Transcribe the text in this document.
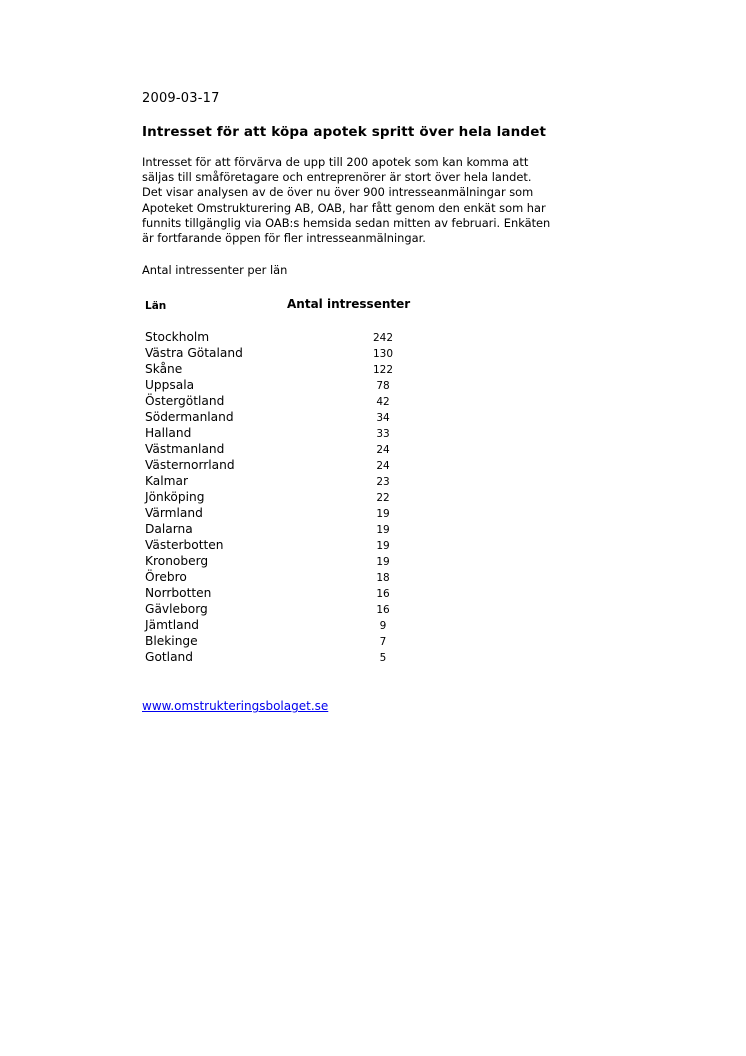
2009-03-17
Intresset för att köpa apotek spritt över hela landet
Intresset för att förvärva de upp till 200 apotek som kan komma att
säljas till småföretagare och entreprenörer är stort över hela landet.
Det visar analysen av de över nu över 900 intresseanmälningar som
Apoteket Omstrukturering AB, OAB, har fått genom den enkät som har
funnits tillgänglig via OAB:s hemsida sedan mitten av februari. Enkäten
är fortfarande öppen för fler intresseanmälningar.
Antal intressenter per län
Län	Antal intressenter
Stockholm	242
Västra Götaland	130
Skåne	122
Uppsala	78
Östergötland	42
Södermanland	34
Halland	33
Västmanland	24
Västernorrland	24
Kalmar	23
Jönköping	22
Värmland	19
Dalarna	19
Västerbotten	19
Kronoberg	19
Örebro	18
Norrbotten	16
Gävleborg	16
Jämtland	9
Blekinge	7
Gotland	5
www.omstrukteringsbolaget.se
